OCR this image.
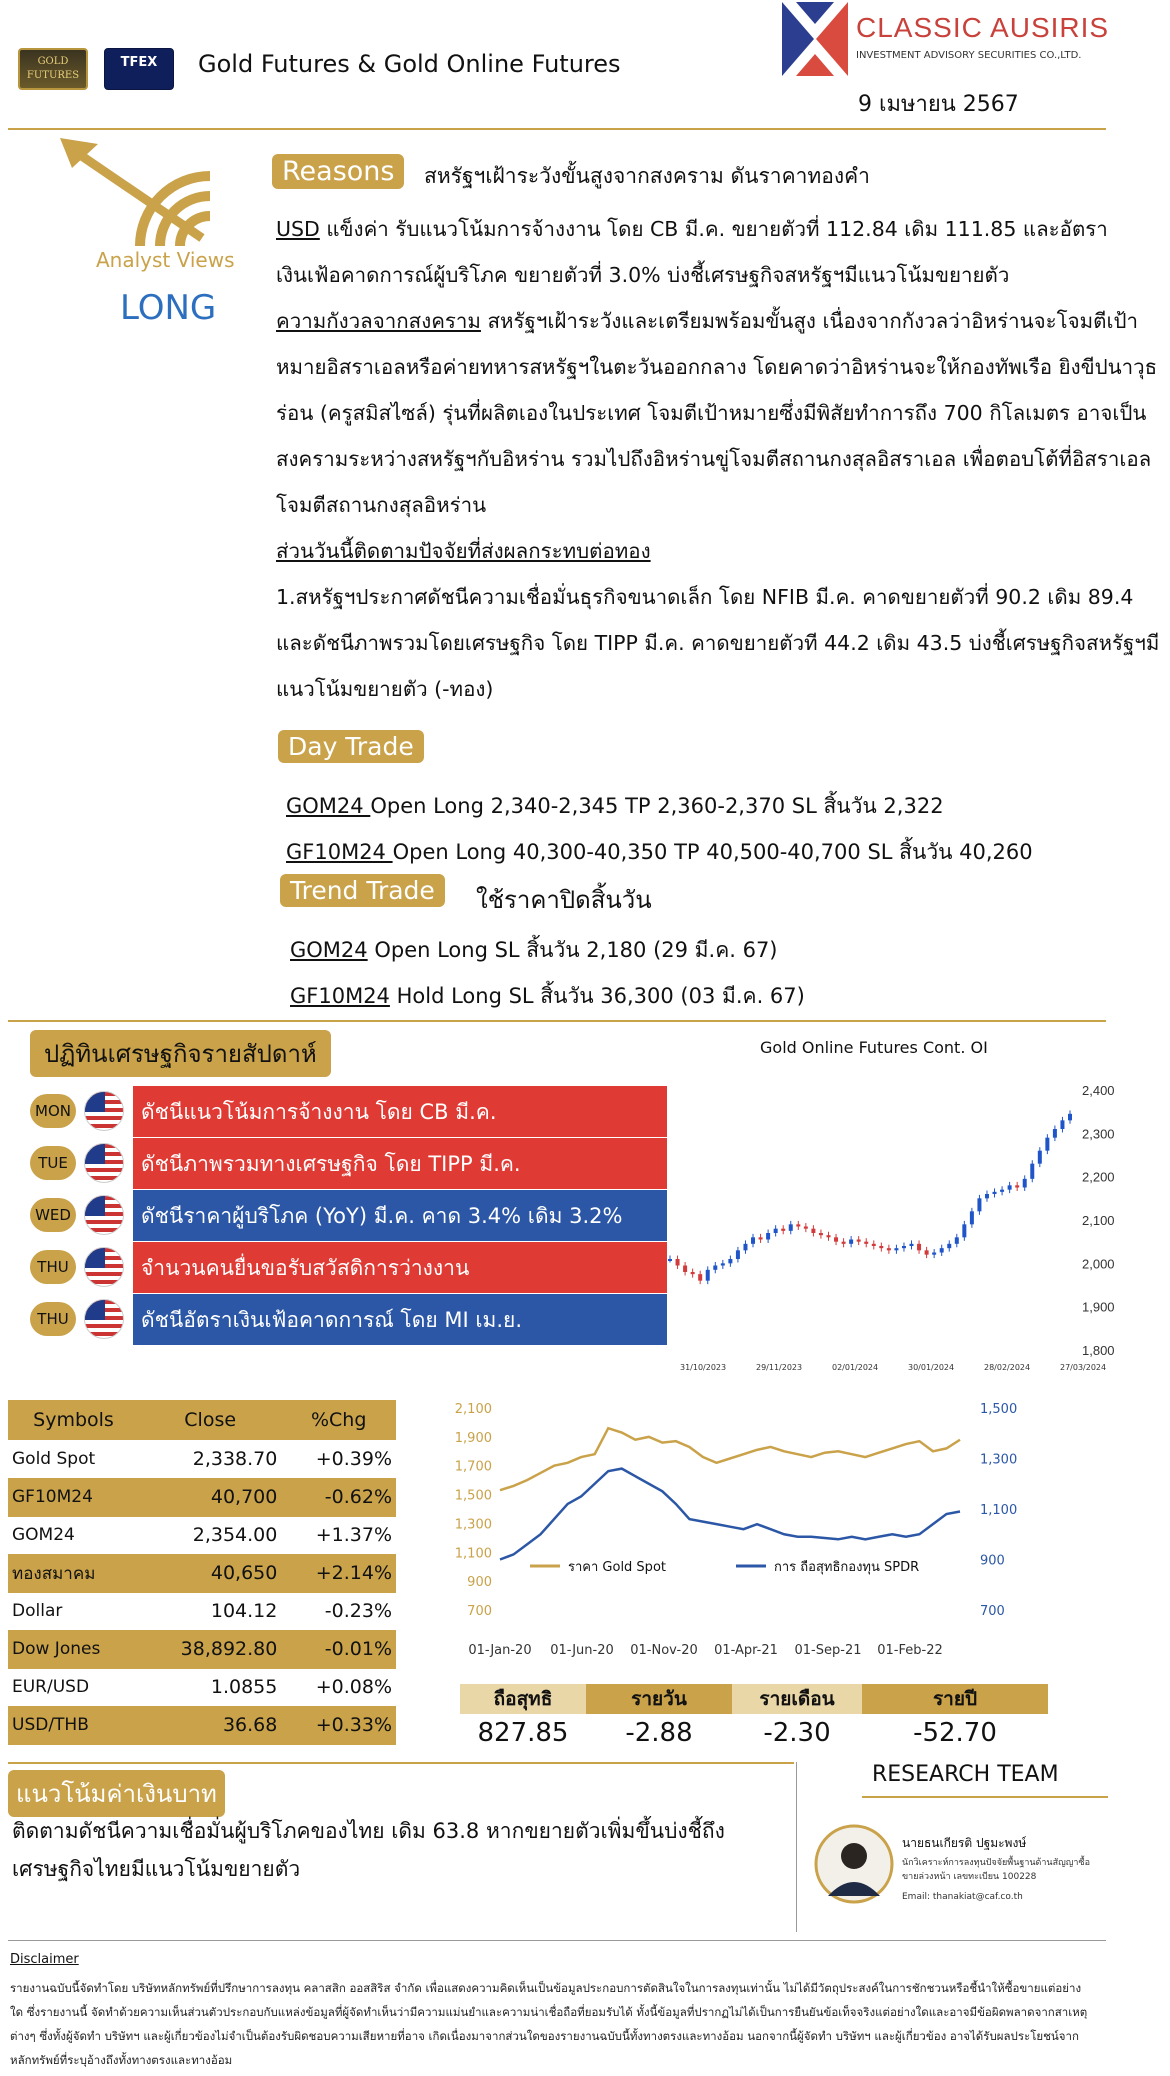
GOLD FUTURES
TFEX	Gold Futures & Gold Online Futures
CLASSIC AUSIRIS
INVESTMENT ADVISORY SECURITIES CO.,LTD.
9 เมษายน 2567
Analyst Views
LONG
Reasons	สหรัฐฯเฝ้าระวังขั้นสูงจากสงคราม ดันราคาทองคำ
USD แข็งค่า รับแนวโน้มการจ้างงาน โดย CB มี.ค. ขยายตัวที่ 112.84 เดิม 111.85 และอัตราเงินเฟ้อคาดการณ์ผู้บริโภค ขยายตัวที่ 3.0% บ่งชี้เศรษฐกิจสหรัฐฯมีแนวโน้มขยายตัว
ความกังวลจากสงคราม สหรัฐฯเฝ้าระวังและเตรียมพร้อมขั้นสูง เนื่องจากกังวลว่าอิหร่านจะโจมตีเป้าหมายอิสราเอลหรือค่ายทหารสหรัฐฯในตะวันออกกลาง โดยคาดว่าอิหร่านจะให้กองทัพเรือ ยิงขีปนาวุธร่อน (ครูสมิสไซล์) รุ่นที่ผลิตเองในประเทศ โจมตีเป้าหมายซึ่งมีพิสัยทำการถึง 700 กิโลเมตร อาจเป็นสงครามระหว่างสหรัฐฯกับอิหร่าน รวมไปถึงอิหร่านขู่โจมตีสถานกงสุลอิสราเอล เพื่อตอบโต้ที่อิสราเอลโจมตีสถานกงสุลอิหร่าน
ส่วนวันนี้ติดตามปัจจัยที่ส่งผลกระทบต่อทอง
1.สหรัฐฯประกาศดัชนีความเชื่อมั่นธุรกิจขนาดเล็ก โดย NFIB มี.ค. คาดขยายตัวที่ 90.2 เดิม 89.4 และดัชนีภาพรวมโดยเศรษฐกิจ โดย TIPP มี.ค. คาดขยายตัวที 44.2 เดิม 43.5 บ่งชี้เศรษฐกิจสหรัฐฯมีแนวโน้มขยายตัว (-ทอง)
Day Trade
GOM24 Open Long 2,340-2,345 TP 2,360-2,370 SL สิ้นวัน 2,322
GF10M24 Open Long 40,300-40,350 TP 40,500-40,700 SL สิ้นวัน 40,260
Trend Trade	ใช้ราคาปิดสิ้นวัน
GOM24 Open Long SL สิ้นวัน 2,180 (29 มี.ค. 67)
GF10M24 Hold Long SL สิ้นวัน 36,300 (03 มี.ค. 67)
ปฏิทินเศรษฐกิจรายสัปดาห์
MON	ดัชนีแนวโน้มการจ้างงาน โดย CB มี.ค.
TUE	ดัชนีภาพรวมทางเศรษฐกิจ โดย TIPP มี.ค.
WED	ดัชนีราคาผู้บริโภค (YoY) มี.ค. คาด 3.4% เดิม 3.2%
THU	จำนวนคนยื่นขอรับสวัสดิการว่างงาน
THU	ดัชนีอัตราเงินเฟ้อคาดการณ์ โดย MI เม.ย.
Gold Online Futures Cont. OI
2,400
2,300
2,200
2,100
2,000
1,900
1,800
31/10/2023	29/11/2023	02/01/2024	30/01/2024	28/02/2024	27/03/2024
Symbols	Close	%Chg
Gold Spot	2,338.70	+0.39%
GF10M24	40,700	-0.62%
GOM24	2,354.00	+1.37%
ทองสมาคม	40,650	+2.14%
Dollar	104.12	-0.23%
Dow Jones	38,892.80	-0.01%
EUR/USD	1.0855	+0.08%
USD/THB	36.68	+0.33%
2,100
1,900
1,700
1,500
1,300
1,100
900
700
1,500
1,300
1,100
900
700
01-Jan-20 01-Jun-20 01-Nov-20 01-Apr-21 01-Sep-21 01-Feb-22
ราคา Gold Spot	การ ถือสุทธิกองทุน SPDR
ถือสุทธิ	รายวัน	รายเดือน	รายปี
827.85	-2.88	-2.30	-52.70
แนวโน้มค่าเงินบาท
ติดตามดัชนีความเชื่อมั่นผู้บริโภคของไทย เดิม 63.8 หากขยายตัวเพิ่มขึ้นบ่งชี้ถึงเศรษฐกิจไทยมีแนวโน้มขยายตัว
RESEARCH TEAM
นายธนเกียรติ ปฐมะพงษ์
นักวิเคราะห์การลงทุนปัจจัยพื้นฐานด้านสัญญาซื้อขายล่วงหน้า เลขทะเบียน 100228
Email: thanakiat@caf.co.th
Disclaimer
รายงานฉบับนี้จัดทำโดย บริษัทหลักทรัพย์ที่ปรึกษาการลงทุน คลาสสิก ออสสิริส จำกัด เพื่อแสดงความคิดเห็นเป็นข้อมูลประกอบการตัดสินใจในการลงทุนเท่านั้น ไม่ได้มีวัตถุประสงค์ในการชักชวนหรือชี้นำให้ซื้อขายแต่อย่างใด ซึ่งรายงานนี้ จัดทำด้วยความเห็นส่วนตัวประกอบกับแหล่งข้อมูลที่ผู้จัดทำเห็นว่ามีความแม่นยำและความน่าเชื่อถือที่ยอมรับได้ ทั้งนี้ข้อมูลที่ปรากฏไม่ได้เป็นการยืนยันข้อเท็จจริงแต่อย่างใดและอาจมีข้อผิดพลาดจากสาเหตุต่างๆ ซึ่งทั้งผู้จัดทำ บริษัทฯ และผู้เกี่ยวข้องไม่จำเป็นต้องรับผิดชอบความเสียหายที่อาจ เกิดเนื่องมาจากส่วนใดของรายงานฉบับนี้ทั้งทางตรงและทางอ้อม นอกจากนี้ผู้จัดทำ บริษัทฯ และผู้เกี่ยวข้อง อาจได้รับผลประโยชน์จากหลักทรัพย์ที่ระบุอ้างถึงทั้งทางตรงและทางอ้อม
